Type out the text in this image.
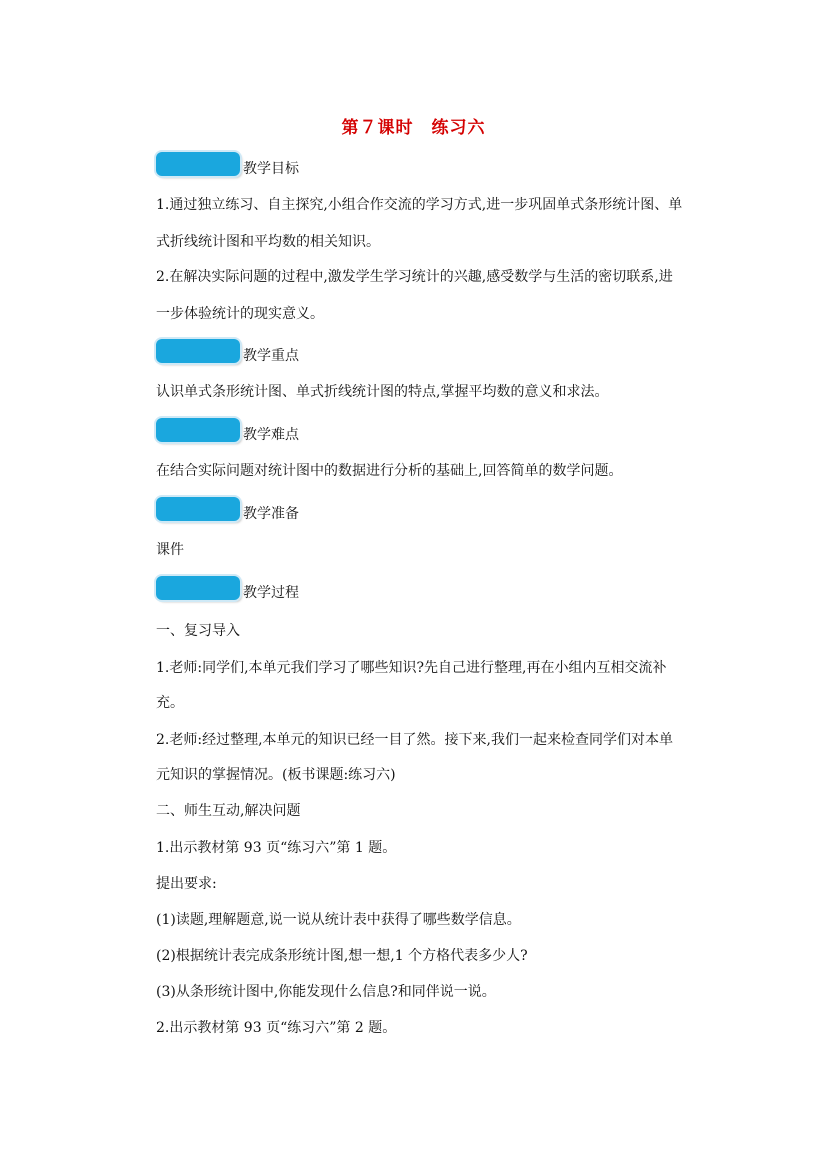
第７课时　练习六
教学目标
1.通过独立练习、自主探究,小组合作交流的学习方式,进一步巩固单式条形统计图、单
式折线统计图和平均数的相关知识。
2.在解决实际问题的过程中,激发学生学习统计的兴趣,感受数学与生活的密切联系,进
一步体验统计的现实意义。
教学重点
认识单式条形统计图、单式折线统计图的特点,掌握平均数的意义和求法。
教学难点
在结合实际问题对统计图中的数据进行分析的基础上,回答简单的数学问题。
教学准备
课件
教学过程
一、复习导入
1.老师:同学们,本单元我们学习了哪些知识?先自己进行整理,再在小组内互相交流补
充。
2.老师:经过整理,本单元的知识已经一目了然。接下来,我们一起来检查同学们对本单
元知识的掌握情况。(板书课题:练习六)
二、师生互动,解决问题
1.出示教材第 93 页“练习六”第 1 题。
提出要求:
(1)读题,理解题意,说一说从统计表中获得了哪些数学信息。
(2)根据统计表完成条形统计图,想一想,1 个方格代表多少人?
(3)从条形统计图中,你能发现什么信息?和同伴说一说。
2.出示教材第 93 页“练习六”第 2 题。
